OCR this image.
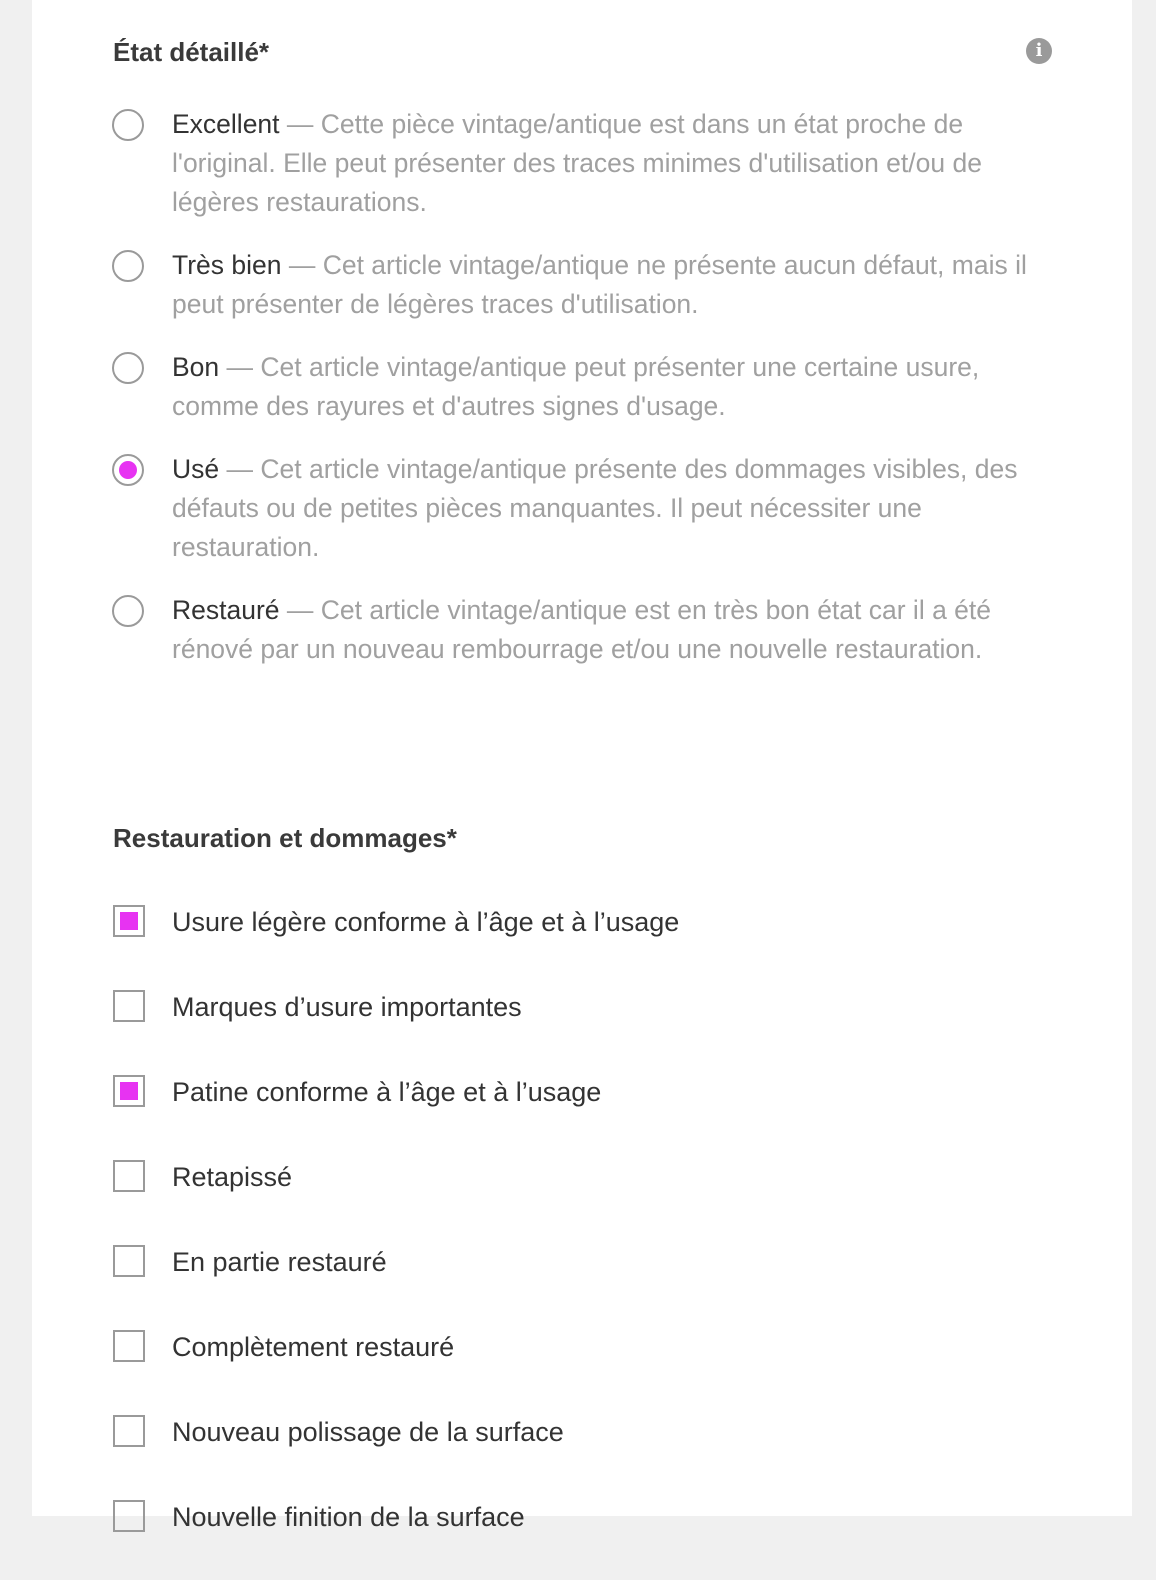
État détaillé*	i
Excellent — Cette pièce vintage/antique est dans un état proche de l'original. Elle peut présenter des traces minimes d'utilisation et/ou de légères restaurations.
Très bien — Cet article vintage/antique ne présente aucun défaut, mais il peut présenter de légères traces d'utilisation.
Bon — Cet article vintage/antique peut présenter une certaine usure, comme des rayures et d'autres signes d'usage.
Usé — Cet article vintage/antique présente des dommages visibles, des défauts ou de petites pièces manquantes. Il peut nécessiter une restauration.
Restauré — Cet article vintage/antique est en très bon état car il a été rénové par un nouveau rembourrage et/ou une nouvelle restauration.
Restauration et dommages*
Usure légère conforme à l’âge et à l’usage
Marques d’usure importantes
Patine conforme à l’âge et à l’usage
Retapissé
En partie restauré
Complètement restauré
Nouveau polissage de la surface
Nouvelle finition de la surface
